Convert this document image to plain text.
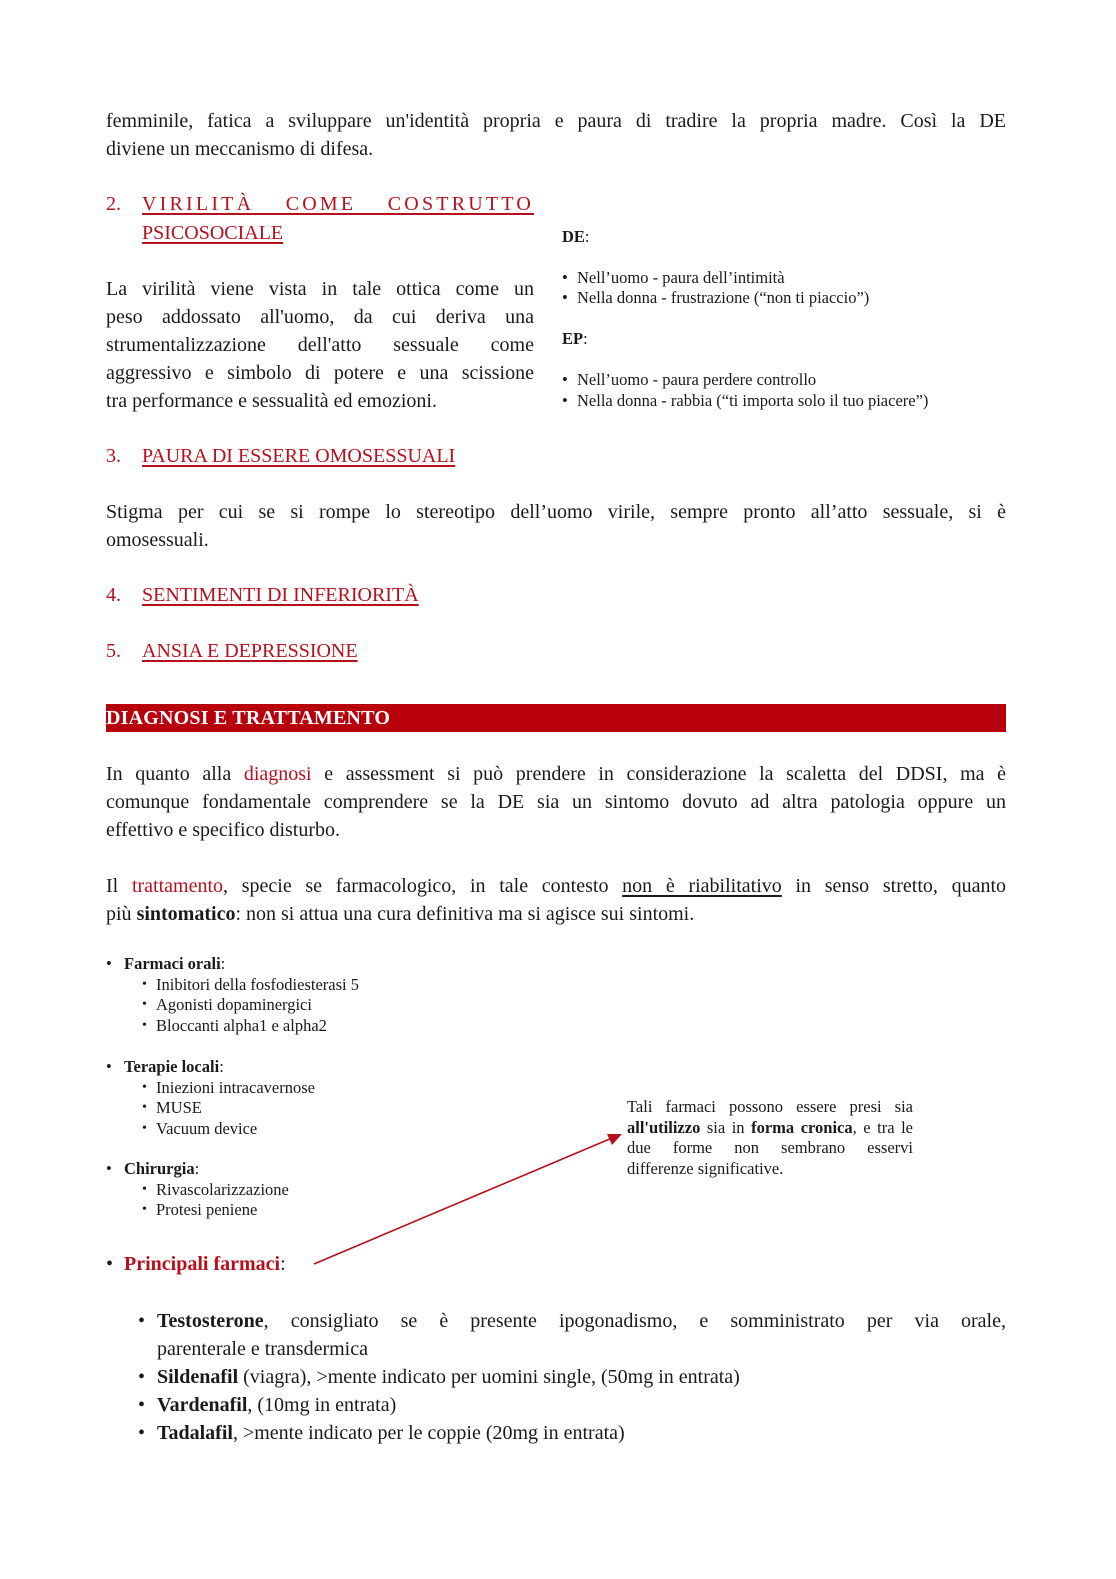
femminile, fatica a sviluppare un'identità propria e paura di tradire la propria madre. Così la DE
diviene un meccanismo di difesa.
2. VIRILITÀ COME COSTRUTTO
PSICOSOCIALE
La virilità viene vista in tale ottica come un
peso addossato all'uomo, da cui deriva una
strumentalizzazione dell'atto sessuale come
aggressivo e simbolo di potere e una scissione
tra performance e sessualità ed emozioni.
DE:
• Nell’uomo - paura dell’intimità
• Nella donna - frustrazione (“non ti piaccio”)
EP:
• Nell’uomo - paura perdere controllo
• Nella donna - rabbia (“ti importa solo il tuo piacere”)
3. PAURA DI ESSERE OMOSESSUALI
Stigma per cui se si rompe lo stereotipo dell’uomo virile, sempre pronto all’atto sessuale, si è
omosessuali.
4. SENTIMENTI DI INFERIORITÀ
5. ANSIA E DEPRESSIONE
DIAGNOSI E TRATTAMENTO
In quanto alla diagnosi e assessment si può prendere in considerazione la scaletta del DDSI, ma è
comunque fondamentale comprendere se la DE sia un sintomo dovuto ad altra patologia oppure un
effettivo e specifico disturbo.
Il trattamento, specie se farmacologico, in tale contesto non è riabilitativo in senso stretto, quanto
più sintomatico: non si attua una cura definitiva ma si agisce sui sintomi.
• Farmaci orali:
• Inibitori della fosfodiesterasi 5
• Agonisti dopaminergici
• Bloccanti alpha1 e alpha2
• Terapie locali:
• Iniezioni intracavernose
• MUSE
• Vacuum device
• Chirurgia:
• Rivascolarizzazione
• Protesi peniene
• Principali farmaci:
Tali farmaci possono essere presi sia
all'utilizzo sia in forma cronica, e tra le
due forme non sembrano esservi
differenze significative.
• Testosterone, consigliato se è presente ipogonadismo, e somministrato per via orale,
parenterale e transdermica
• Sildenafil (viagra), >mente indicato per uomini single, (50mg in entrata)
• Vardenafil, (10mg in entrata)
• Tadalafil, >mente indicato per le coppie (20mg in entrata)
